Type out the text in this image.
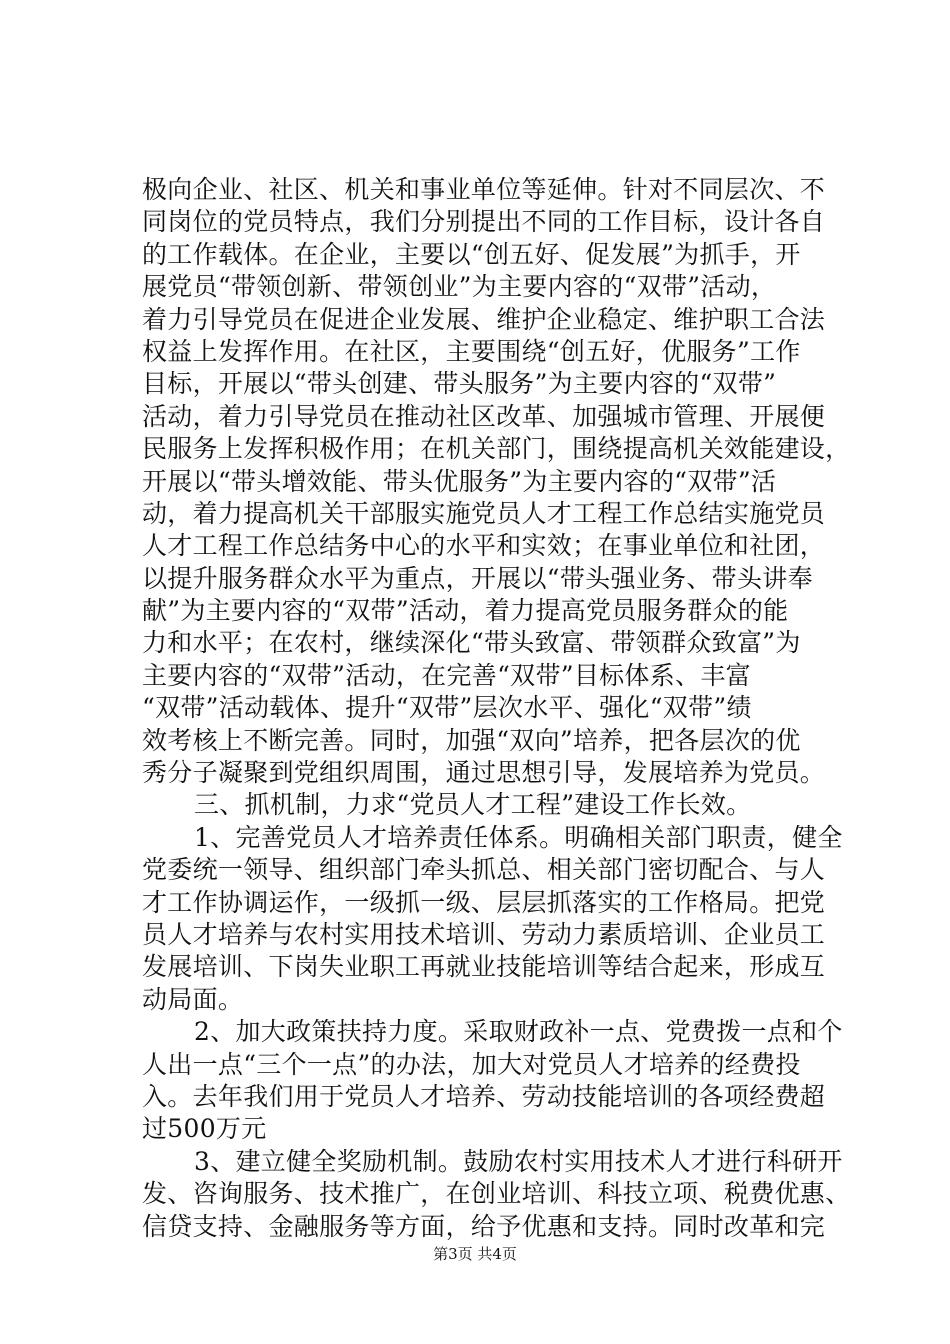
极向企业、社区、机关和事业单位等延伸。针对不同层次、不
同岗位的党员特点，我们分别提出不同的工作目标，设计各自
的工作载体。在企业，主要以“创五好、促发展”为抓手，开
展党员“带领创新、带领创业”为主要内容的“双带”活动，
着力引导党员在促进企业发展、维护企业稳定、维护职工合法
权益上发挥作用。在社区，主要围绕“创五好，优服务”工作
目标，开展以“带头创建、带头服务”为主要内容的“双带”
活动，着力引导党员在推动社区改革、加强城市管理、开展便
民服务上发挥积极作用；在机关部门，围绕提高机关效能建设，
开展以“带头增效能、带头优服务”为主要内容的“双带”活
动，着力提高机关干部服实施党员人才工程工作总结实施党员
人才工程工作总结务中心的水平和实效；在事业单位和社团，
以提升服务群众水平为重点，开展以“带头强业务、带头讲奉
献”为主要内容的“双带”活动，着力提高党员服务群众的能
力和水平；在农村，继续深化“带头致富、带领群众致富”为
主要内容的“双带”活动，在完善“双带”目标体系、丰富
“双带”活动载体、提升“双带”层次水平、强化“双带”绩
效考核上不断完善。同时，加强“双向”培养，把各层次的优
秀分子凝聚到党组织周围，通过思想引导，发展培养为党员。
三、抓机制，力求“党员人才工程”建设工作长效。
1、完善党员人才培养责任体系。明确相关部门职责，健全
党委统一领导、组织部门牵头抓总、相关部门密切配合、与人
才工作协调运作，一级抓一级、层层抓落实的工作格局。把党
员人才培养与农村实用技术培训、劳动力素质培训、企业员工
发展培训、下岗失业职工再就业技能培训等结合起来，形成互
动局面。
2、加大政策扶持力度。采取财政补一点、党费拨一点和个
人出一点“三个一点”的办法，加大对党员人才培养的经费投
入。去年我们用于党员人才培养、劳动技能培训的各项经费超
过500万元
3、建立健全奖励机制。鼓励农村实用技术人才进行科研开
发、咨询服务、技术推广，在创业培训、科技立项、税费优惠、
信贷支持、金融服务等方面，给予优惠和支持。同时改革和完
第3页 共4页
